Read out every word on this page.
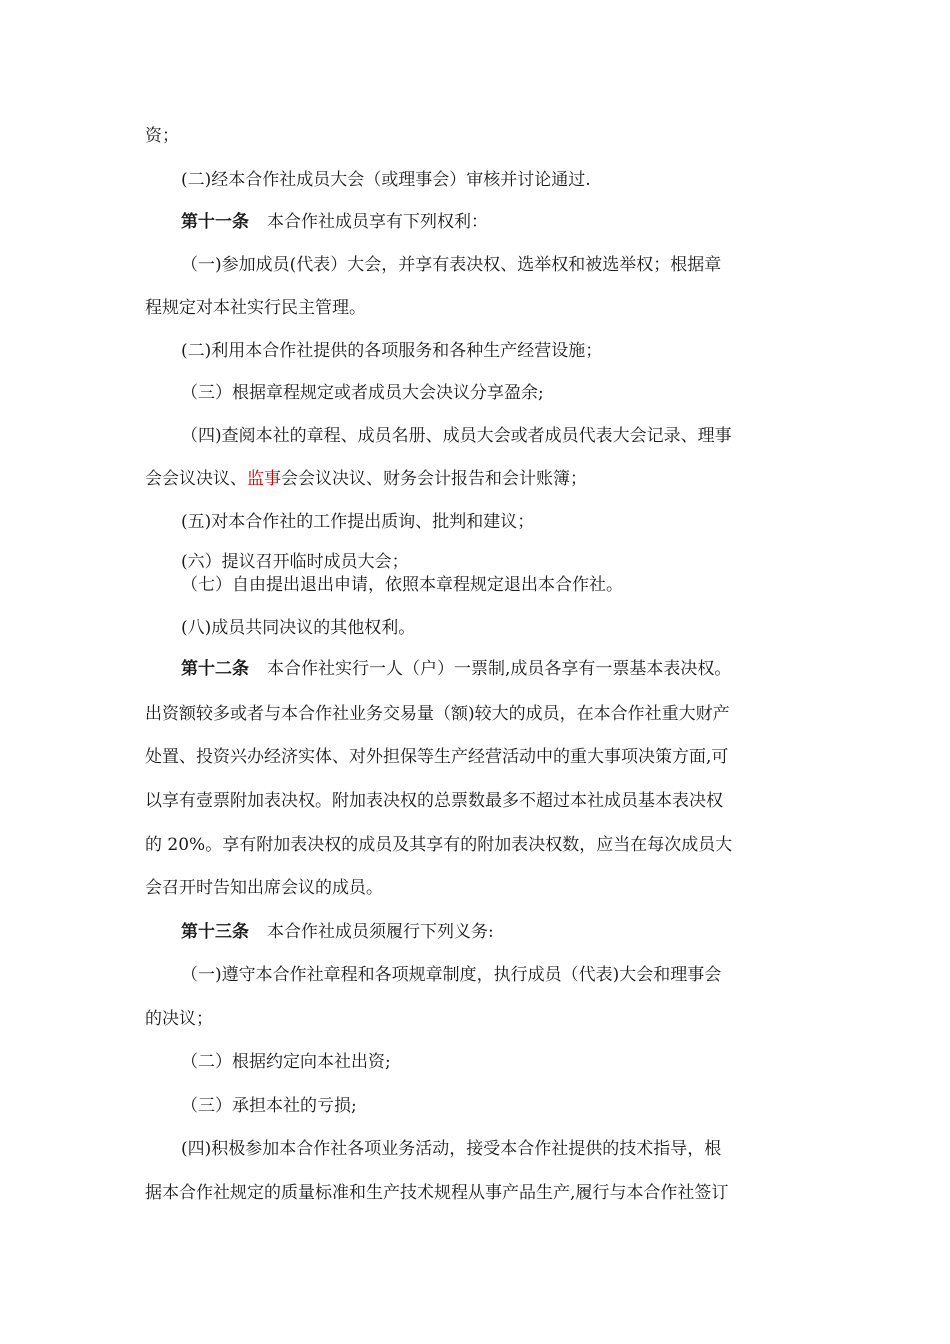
资；
(二)经本合作社成员大会（或理事会）审核并讨论通过.
第十一条 本合作社成员享有下列权利：
（一)参加成员(代表）大会，并享有表决权、选举权和被选举权；根据章
程规定对本社实行民主管理。
(二)利用本合作社提供的各项服务和各种生产经营设施；
（三）根据章程规定或者成员大会决议分享盈余;
（四)查阅本社的章程、成员名册、成员大会或者成员代表大会记录、理事
会会议决议、监事会会议决议、财务会计报告和会计账簿；
(五)对本合作社的工作提出质询、批判和建议；
(六）提议召开临时成员大会；
（七）自由提出退出申请，依照本章程规定退出本合作社。
(八)成员共同决议的其他权利。
第十二条 本合作社实行一人（户）一票制,成员各享有一票基本表决权。
出资额较多或者与本合作社业务交易量（额)较大的成员，在本合作社重大财产
处置、投资兴办经济实体、对外担保等生产经营活动中的重大事项决策方面,可
以享有壹票附加表决权。附加表决权的总票数最多不超过本社成员基本表决权
的 20%。享有附加表决权的成员及其享有的附加表决权数，应当在每次成员大
会召开时告知出席会议的成员。
第十三条 本合作社成员须履行下列义务:
（一)遵守本合作社章程和各项规章制度，执行成员（代表)大会和理事会
的决议；
（二）根据约定向本社出资;
（三）承担本社的亏损;
(四)积极参加本合作社各项业务活动，接受本合作社提供的技术指导，根
据本合作社规定的质量标准和生产技术规程从事产品生产,履行与本合作社签订
